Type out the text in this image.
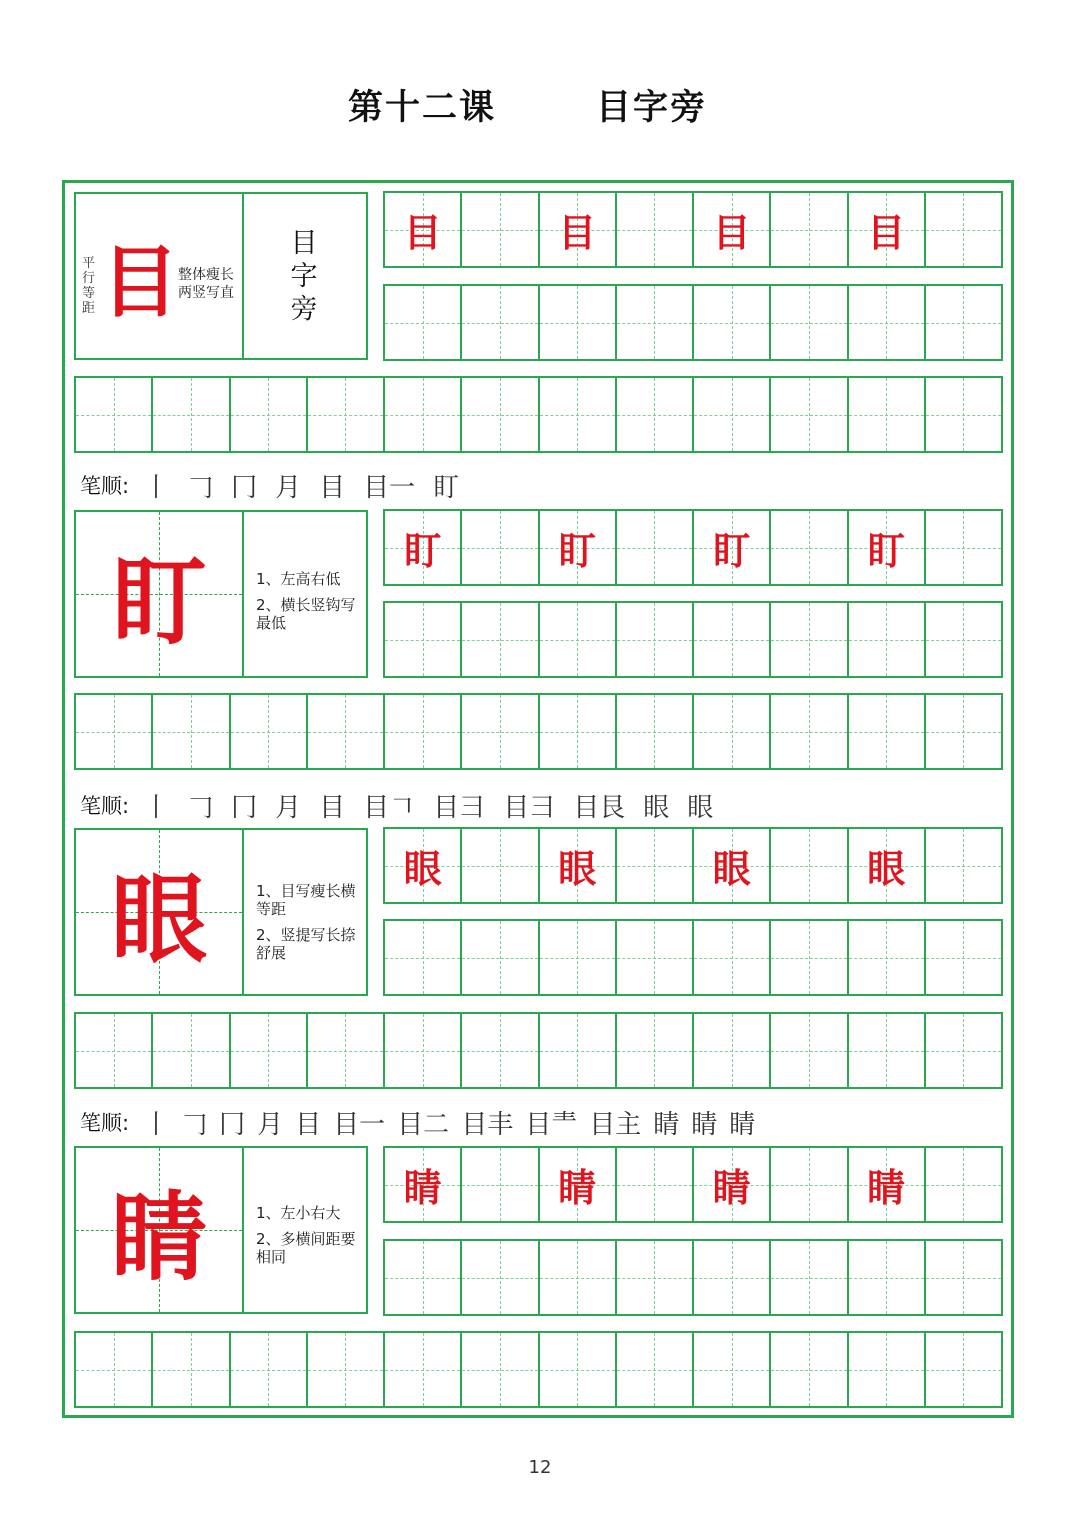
第十二课	目字旁
平行等距 目 整体瘦长
两竖写直
目字旁
目	目	目	目
笔顺: 丨 𠃌 冂 月 目 目一 盯
盯	1、左高右低
2、横长竖钩写最低
盯	盯	盯	盯
笔顺: 丨 𠃌 冂 月 目 目𠃍 目⺕ 目彐 目艮 眼 眼
眼	1、目写瘦长横等距
2、竖提写长捺舒展
眼	眼	眼	眼
笔顺: 丨 𠃌 冂 月 目 目一 目二 目丰 目龶 目主 睛 睛 睛
睛	1、左小右大
2、多横间距要相同
睛	睛	睛	睛
12
